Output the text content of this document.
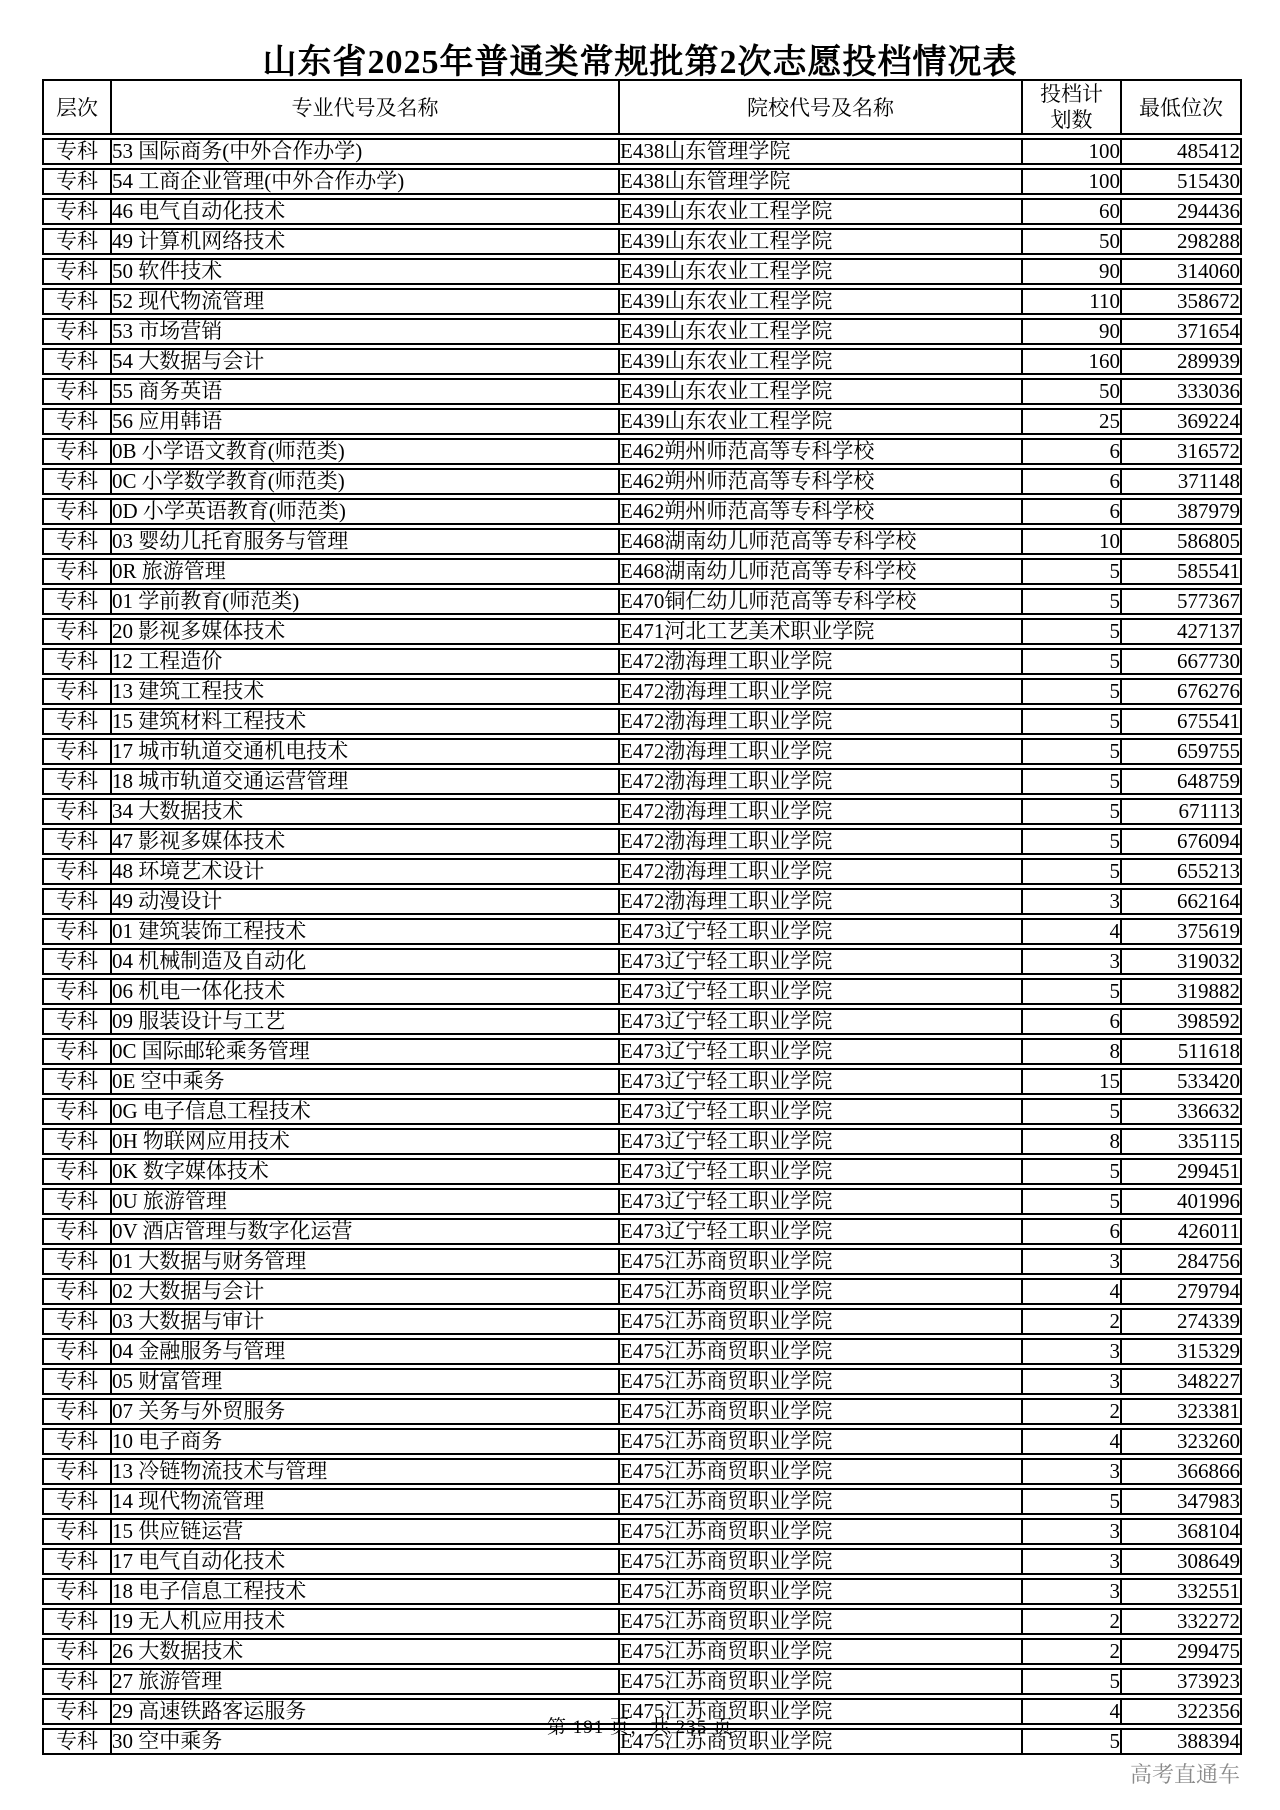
山东省2025年普通类常规批第2次志愿投档情况表
层次	专业代号及名称	院校代号及名称	投档计划数	最低位次
专科	53 国际商务(中外合作办学)	E438山东管理学院	100	485412
专科	54 工商企业管理(中外合作办学)	E438山东管理学院	100	515430
专科	46 电气自动化技术	E439山东农业工程学院	60	294436
专科	49 计算机网络技术	E439山东农业工程学院	50	298288
专科	50 软件技术	E439山东农业工程学院	90	314060
专科	52 现代物流管理	E439山东农业工程学院	110	358672
专科	53 市场营销	E439山东农业工程学院	90	371654
专科	54 大数据与会计	E439山东农业工程学院	160	289939
专科	55 商务英语	E439山东农业工程学院	50	333036
专科	56 应用韩语	E439山东农业工程学院	25	369224
专科	0B 小学语文教育(师范类)	E462朔州师范高等专科学校	6	316572
专科	0C 小学数学教育(师范类)	E462朔州师范高等专科学校	6	371148
专科	0D 小学英语教育(师范类)	E462朔州师范高等专科学校	6	387979
专科	03 婴幼儿托育服务与管理	E468湖南幼儿师范高等专科学校	10	586805
专科	0R 旅游管理	E468湖南幼儿师范高等专科学校	5	585541
专科	01 学前教育(师范类)	E470铜仁幼儿师范高等专科学校	5	577367
专科	20 影视多媒体技术	E471河北工艺美术职业学院	5	427137
专科	12 工程造价	E472渤海理工职业学院	5	667730
专科	13 建筑工程技术	E472渤海理工职业学院	5	676276
专科	15 建筑材料工程技术	E472渤海理工职业学院	5	675541
专科	17 城市轨道交通机电技术	E472渤海理工职业学院	5	659755
专科	18 城市轨道交通运营管理	E472渤海理工职业学院	5	648759
专科	34 大数据技术	E472渤海理工职业学院	5	671113
专科	47 影视多媒体技术	E472渤海理工职业学院	5	676094
专科	48 环境艺术设计	E472渤海理工职业学院	5	655213
专科	49 动漫设计	E472渤海理工职业学院	3	662164
专科	01 建筑装饰工程技术	E473辽宁轻工职业学院	4	375619
专科	04 机械制造及自动化	E473辽宁轻工职业学院	3	319032
专科	06 机电一体化技术	E473辽宁轻工职业学院	5	319882
专科	09 服装设计与工艺	E473辽宁轻工职业学院	6	398592
专科	0C 国际邮轮乘务管理	E473辽宁轻工职业学院	8	511618
专科	0E 空中乘务	E473辽宁轻工职业学院	15	533420
专科	0G 电子信息工程技术	E473辽宁轻工职业学院	5	336632
专科	0H 物联网应用技术	E473辽宁轻工职业学院	8	335115
专科	0K 数字媒体技术	E473辽宁轻工职业学院	5	299451
专科	0U 旅游管理	E473辽宁轻工职业学院	5	401996
专科	0V 酒店管理与数字化运营	E473辽宁轻工职业学院	6	426011
专科	01 大数据与财务管理	E475江苏商贸职业学院	3	284756
专科	02 大数据与会计	E475江苏商贸职业学院	4	279794
专科	03 大数据与审计	E475江苏商贸职业学院	2	274339
专科	04 金融服务与管理	E475江苏商贸职业学院	3	315329
专科	05 财富管理	E475江苏商贸职业学院	3	348227
专科	07 关务与外贸服务	E475江苏商贸职业学院	2	323381
专科	10 电子商务	E475江苏商贸职业学院	4	323260
专科	13 冷链物流技术与管理	E475江苏商贸职业学院	3	366866
专科	14 现代物流管理	E475江苏商贸职业学院	5	347983
专科	15 供应链运营	E475江苏商贸职业学院	3	368104
专科	17 电气自动化技术	E475江苏商贸职业学院	3	308649
专科	18 电子信息工程技术	E475江苏商贸职业学院	3	332551
专科	19 无人机应用技术	E475江苏商贸职业学院	2	332272
专科	26 大数据技术	E475江苏商贸职业学院	2	299475
专科	27 旅游管理	E475江苏商贸职业学院	5	373923
专科	29 高速铁路客运服务	E475江苏商贸职业学院	4	322356
专科	30 空中乘务	E475江苏商贸职业学院	5	388394
第 191 页，共 235 页
高考直通车
